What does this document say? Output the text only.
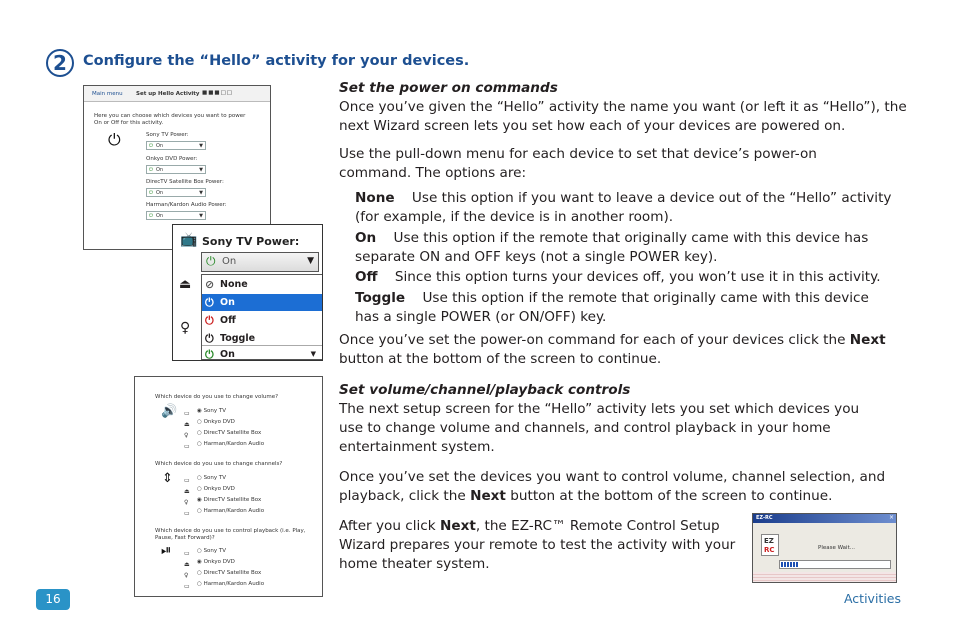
2	Configure the “Hello” activity for your devices.
Main menu Set up Hello Activity ■■■□□
Here you can choose which devices you want to power On or Off for this activity.
⏻	Sony TV Power:
⏻ On	▼
Onkyo DVD Power:
⏻ On	▼
DirecTV Satellite Box Power:
⏻ On	▼
Harman/Kardon Audio Power:
⏻ On	▼
📺 Sony TV Power:
⏻ On	▼
⏏
♀
⊘ None
⏻ On
⏻ Off
⏻ Toggle
⏻ On	▼
Which device do you use to change volume?
🔊	◉ Sony TV
○ Onkyo DVD
○ DirecTV Satellite Box
○ Harman/Kardon Audio
▭
⏏
♀
▭
Which device do you use to change channels?
⇕	○ Sony TV
○ Onkyo DVD
◉ DirecTV Satellite Box
○ Harman/Kardon Audio
▭
⏏
♀
▭
Which device do you use to control playback (i.e. Play, Pause, Fast Forward)?
⏯	○ Sony TV
◉ Onkyo DVD
○ DirecTV Satellite Box
○ Harman/Kardon Audio
▭
⏏
♀
▭
EZ-RC	×
EZ
RC	Please Wait...
Set the power on commands
Once you’ve given the “Hello” activity the name you want (or left it as “Hello”), the next Wizard screen lets you set how each of your devices are powered on.
Use the pull-down menu for each device to set that device’s power-on command. The options are:
None Use this option if you want to leave a device out of the “Hello” activity (for example, if the device is in another room).
On Use this option if the remote that originally came with this device has separate ON and OFF keys (not a single POWER key).
Off Since this option turns your devices off, you won’t use it in this activity.
Toggle Use this option if the remote that originally came with this device has a single POWER (or ON/OFF) key.
Once you’ve set the power-on command for each of your devices click the Next button at the bottom of the screen to continue.
Set volume/channel/playback controls
The next setup screen for the “Hello” activity lets you set which devices you use to change volume and channels, and control playback in your home entertainment system.
Once you’ve set the devices you want to control volume, channel selection, and playback, click the Next button at the bottom of the screen to continue.
After you click Next, the EZ-RC™ Remote Control Setup Wizard prepares your remote to test the activity with your home theater system.
16	Activities
